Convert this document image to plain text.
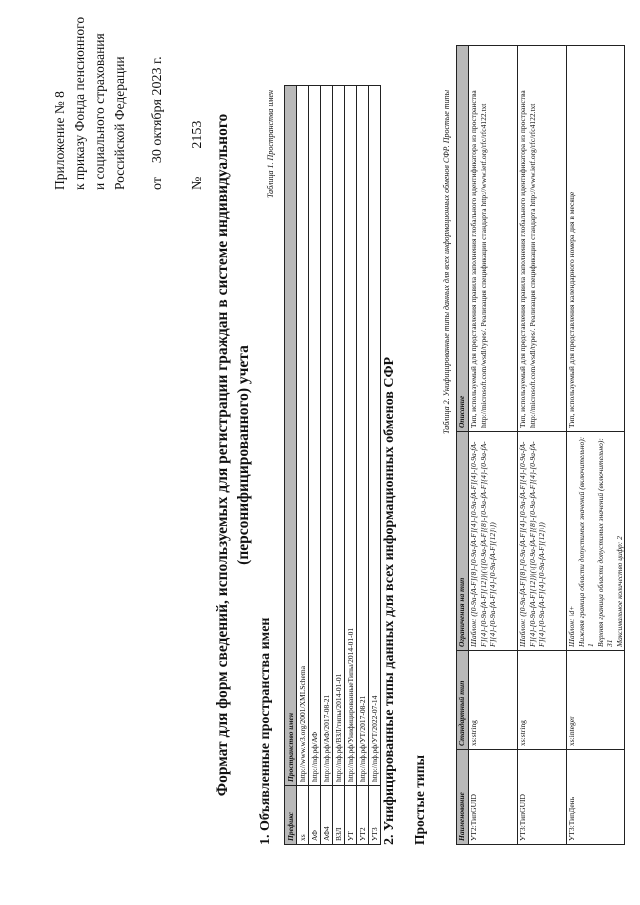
Приложение № 8 к приказу Фонда пенсионного и социального страхования Российской Федерации от30 октября 2023 г.
№2153 Формат для форм сведений, используемых для регистрации граждан в системе индивидуального (персонифицированного) учета
1. Объявленные пространства имен
Таблица 1. Пространства имен
Префикс	Пространство имен
xs	http://www.w3.org/2001/XMLSchema
АФ	http://пф.рф/АФ
АФ4	http://пф.рф/АФ/2017-08-21
ВЗЛ	http://пф.рф/ВЗЛ/типы/2014-01-01
УТ	http://пф.рф/УнифицированныеТипы/2014-01-01
УТ2	http://пф.рф/УТ/2017-08-21
УТ3	http://пф.рф/УТ/2022-07-14 2. Унифицированные типы данных для всех информационных обменов СФР Простые типы
Таблица 2. Унифицированные типы данных для всех информационных обменов СФР. Простые типы
Наименование	Стандартный тип	Ограничения на тип	Описание
УТ2:ТипGUID	xs:string	Шаблон: ([0-9a-fA-F]{8}-[0-9a-fA-F]{4}-[0-9a-fA-F]{4}-[0-9a-fA-F]{4}-[0-9a-fA-F]{12})|(\{[0-9a-fA-F]{8}-[0-9a-fA-F]{4}-[0-9a-fA-F]{4}-[0-9a-fA-F]{4}-[0-9a-fA-F]{12}\})	Тип, используемый для представления правила заполнения глобального идентификатора из пространства http://microsoft.com/wsdl/types/. Реализация спецификации стандарта http://www.ietf.org/rfc/rfc4122.txt
УТ3:ТипGUID	xs:string	Шаблон: ([0-9a-fA-F]{8}-[0-9a-fA-F]{4}-[0-9a-fA-F]{4}-[0-9a-fA-F]{4}-[0-9a-fA-F]{12})|(\{[0-9a-fA-F]{8}-[0-9a-fA-F]{4}-[0-9a-fA-F]{4}-[0-9a-fA-F]{4}-[0-9a-fA-F]{12}\})	Тип, используемый для представления правила заполнения глобального идентификатора из пространства http://microsoft.com/wsdl/types/. Реализация спецификации стандарта http://www.ietf.org/rfc/rfc4122.txt
УТ3:ТипДень	xs:integer	Шаблон: \d+ Нижняя граница области допустимых значений (включительно): 1 Верхняя граница области допустимых значений (включительно): 31 Максимальное количество цифр: 2	Тип, используемый для представления календарного номера дня в месяце
